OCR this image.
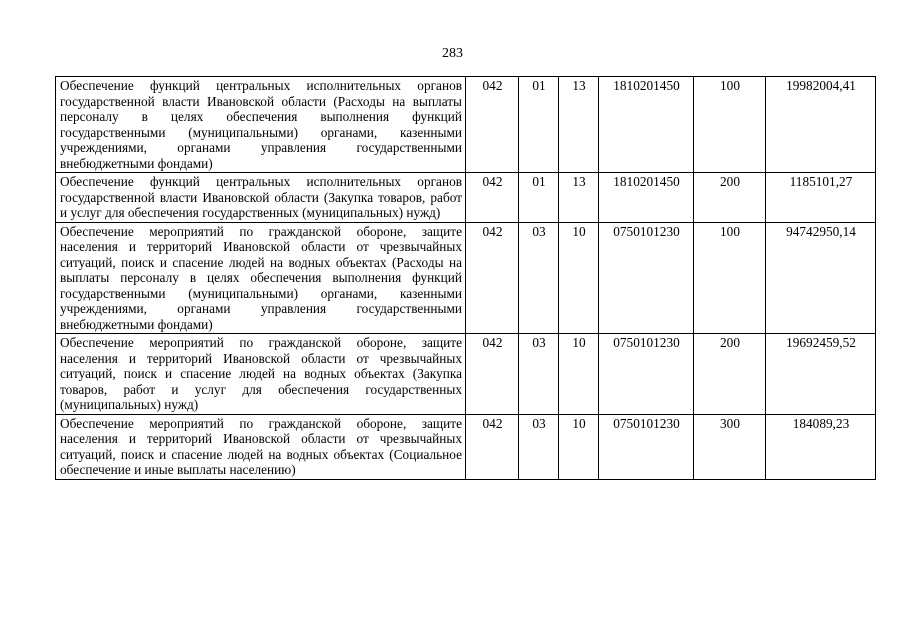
283
Обеспечение функций центральных исполнительных органов государственной власти Ивановской области (Расходы на выплаты персоналу в целях обеспечения выполнения функций государственными (муниципальными) органами, казенными учреждениями, органами управления государственными внебюджетными фондами)	042	01	13	1810201450	100	19982004,41
Обеспечение функций центральных исполнительных органов государственной власти Ивановской области (Закупка товаров, работ и услуг для обеспечения государственных (муниципальных) нужд)	042	01	13	1810201450	200	1185101,27
Обеспечение мероприятий по гражданской обороне, защите населения и территорий Ивановской области от чрезвычайных ситуаций, поиск и спасение людей на водных объектах (Расходы на выплаты персоналу в целях обеспечения выполнения функций государственными (муниципальными) органами, казенными учреждениями, органами управления государственными внебюджетными фондами)	042	03	10	0750101230	100	94742950,14
Обеспечение мероприятий по гражданской обороне, защите населения и территорий Ивановской области от чрезвычайных ситуаций, поиск и спасение людей на водных объектах (Закупка товаров, работ и услуг для обеспечения государственных (муниципальных) нужд)	042	03	10	0750101230	200	19692459,52
Обеспечение мероприятий по гражданской обороне, защите населения и территорий Ивановской области от чрезвычайных ситуаций, поиск и спасение людей на водных объектах (Социальное обеспечение и иные выплаты населению)	042	03	10	0750101230	300	184089,23
